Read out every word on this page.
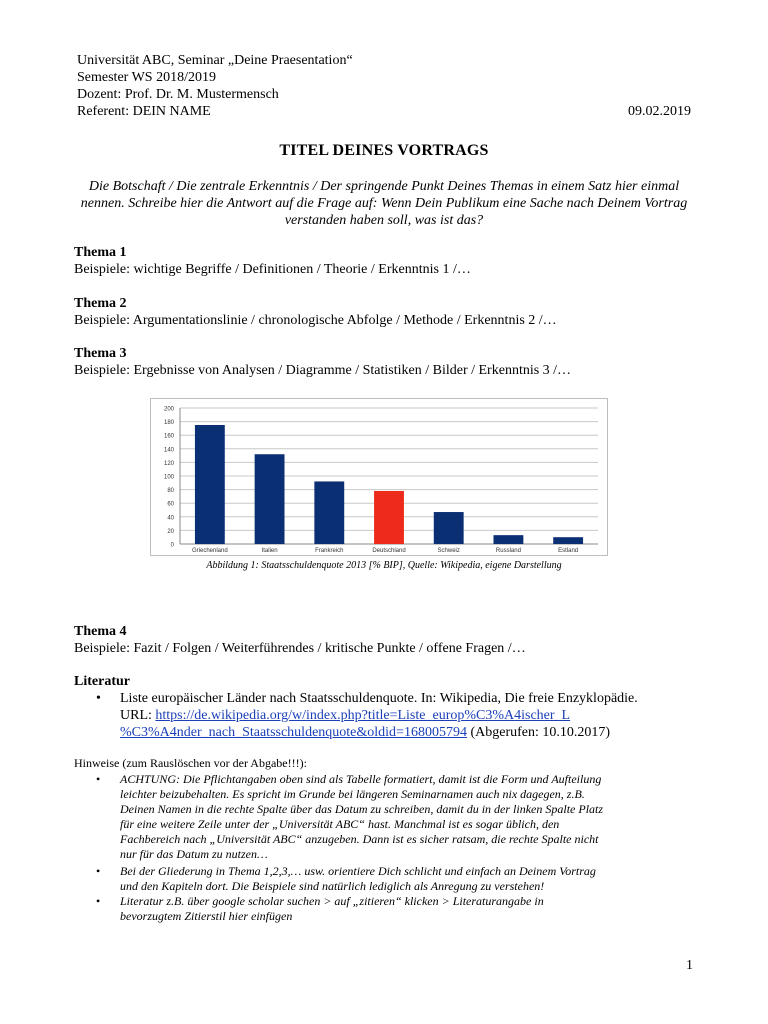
Universität ABC, Seminar „Deine Praesentation“
Semester WS 2018/2019
Dozent: Prof. Dr. M. Mustermensch
Referent: DEIN NAME	09.02.2019
TITEL DEINES VORTRAGS
Die Botschaft / Die zentrale Erkenntnis / Der springende Punkt Deines Themas in einem Satz hier einmal nennen. Schreibe hier die Antwort auf die Frage auf: Wenn Dein Publikum eine Sache nach Deinem Vortrag verstanden haben soll, was ist das?
Thema 1
Beispiele: wichtige Begriffe / Definitionen / Theorie / Erkenntnis 1 /…
Thema 2
Beispiele: Argumentationslinie / chronologische Abfolge / Methode / Erkenntnis 2 /…
Thema 3
Beispiele: Ergebnisse von Analysen / Diagramme / Statistiken / Bilder / Erkenntnis 3 /…
0
20
40
60
80
100
120
140
160
180
200
Griechenland	Italien	Frankreich	Deutschland	Schweiz	Russland	Estland
Abbildung 1: Staatsschuldenquote 2013 [% BIP], Quelle: Wikipedia, eigene Darstellung
Thema 4
Beispiele: Fazit / Folgen / Weiterführendes / kritische Punkte / offene Fragen /…
Literatur
• Liste europäischer Länder nach Staatsschuldenquote. In: Wikipedia, Die freie Enzyklopädie.
URL: https://de.wikipedia.org/w/index.php?title=Liste_europ%C3%A4ischer_L
%C3%A4nder_nach_Staatsschuldenquote&oldid=168005794 (Abgerufen: 10.10.2017)
Hinweise (zum Rauslöschen vor der Abgabe!!!):
• ACHTUNG: Die Pflichtangaben oben sind als Tabelle formatiert, damit ist die Form und Aufteilung
leichter beizubehalten. Es spricht im Grunde bei längeren Seminarnamen auch nix dagegen, z.B.
Deinen Namen in die rechte Spalte über das Datum zu schreiben, damit du in der linken Spalte Platz
für eine weitere Zeile unter der „Universität ABC“ hast. Manchmal ist es sogar üblich, den
Fachbereich nach „Universität ABC“ anzugeben. Dann ist es sicher ratsam, die rechte Spalte nicht
nur für das Datum zu nutzen…
• Bei der Gliederung in Thema 1,2,3,… usw. orientiere Dich schlicht und einfach an Deinem Vortrag
und den Kapiteln dort. Die Beispiele sind natürlich lediglich als Anregung zu verstehen!
• Literatur z.B. über google scholar suchen > auf „zitieren“ klicken > Literaturangabe in
bevorzugtem Zitierstil hier einfügen
1
